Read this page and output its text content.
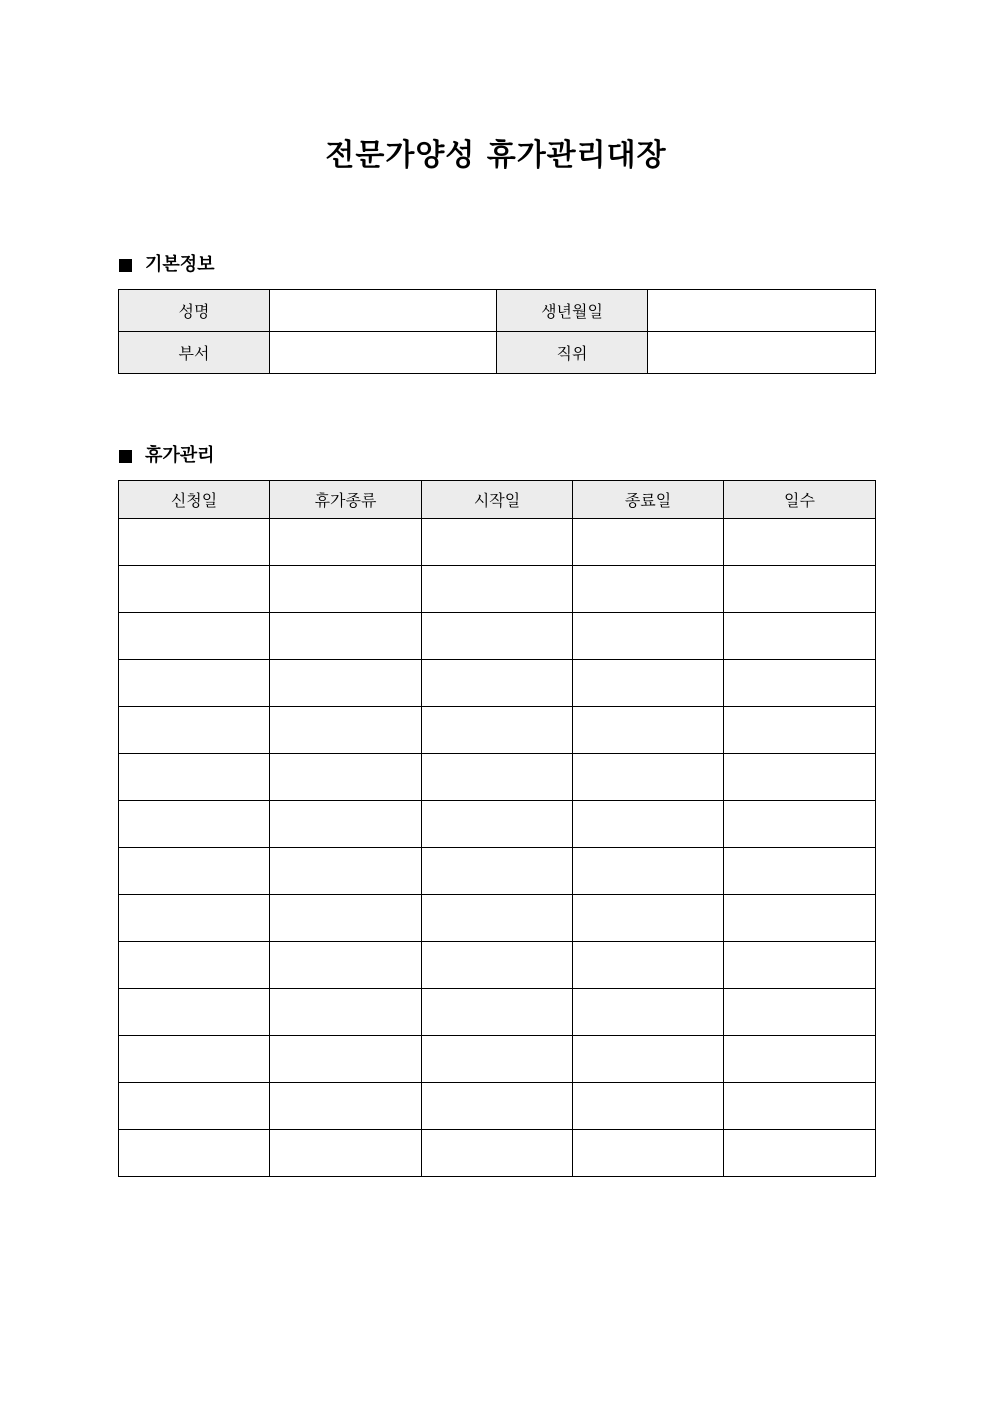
전문가양성 휴가관리대장
기본정보
성명		생년월일	
부서		직위	
휴가관리
신청일	휴가종류	시작일	종료일	일수
